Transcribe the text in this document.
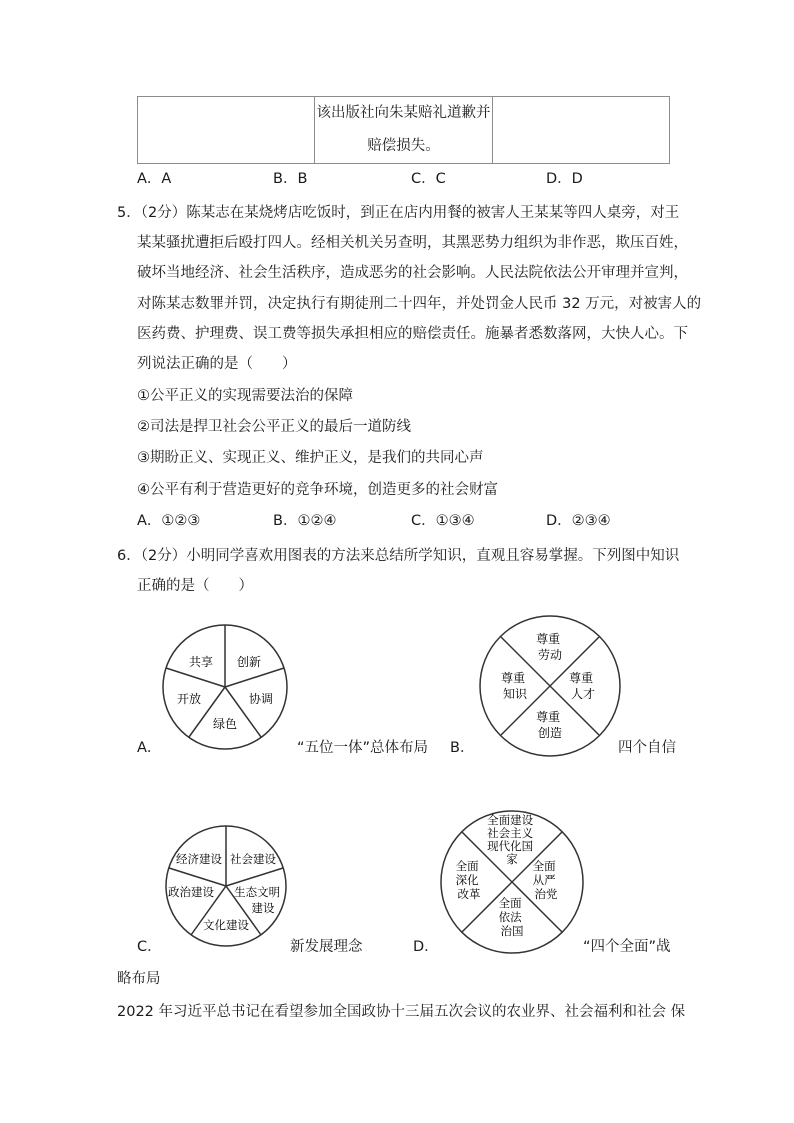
该出版社向朱某赔礼道歉并
赔偿损失。

A．A	B．B	C．C	D．D
5．（2分）陈某志在某烧烤店吃饭时，到正在店内用餐的被害人王某某等四人桌旁，对王
某某骚扰遭拒后殴打四人。经相关机关另查明，其黑恶势力组织为非作恶，欺压百姓，
破坏当地经济、社会生活秩序，造成恶劣的社会影响。人民法院依法公开审理并宣判，
对陈某志数罪并罚，决定执行有期徒刑二十四年，并处罚金人民币 32 万元，对被害人的
医药费、护理费、误工费等损失承担相应的赔偿责任。施暴者悉数落网，大快人心。下
列说法正确的是（　　）
①公平正义的实现需要法治的保障
②司法是捍卫社会公平正义的最后一道防线
③期盼正义、实现正义、维护正义，是我们的共同心声
④公平有利于营造更好的竞争环境，创造更多的社会财富
A．①②③	B．①②④	C．①③④	D．②③④
6．（2分）小明同学喜欢用图表的方法来总结所学知识，直观且容易掌握。下列图中知识
正确的是（　　）
共享 创新
协调
绿色
开放
A．	“五位一体”总体布局
尊重 劳动
尊重 人才
尊重 创造
尊重 知识
B．	四个自信
经济建设 社会建设
生态文明 建设
文化建设
政治建设
C．	新发展理念
全面建设 社会主义 现代化国 家	全面 从严 治党
全面 依法 治国
全面 深化 改革
D．	“四个全面”战
略布局
2022 年习近平总书记在看望参加全国政协十三届五次会议的农业界、社会福利和社会 保
